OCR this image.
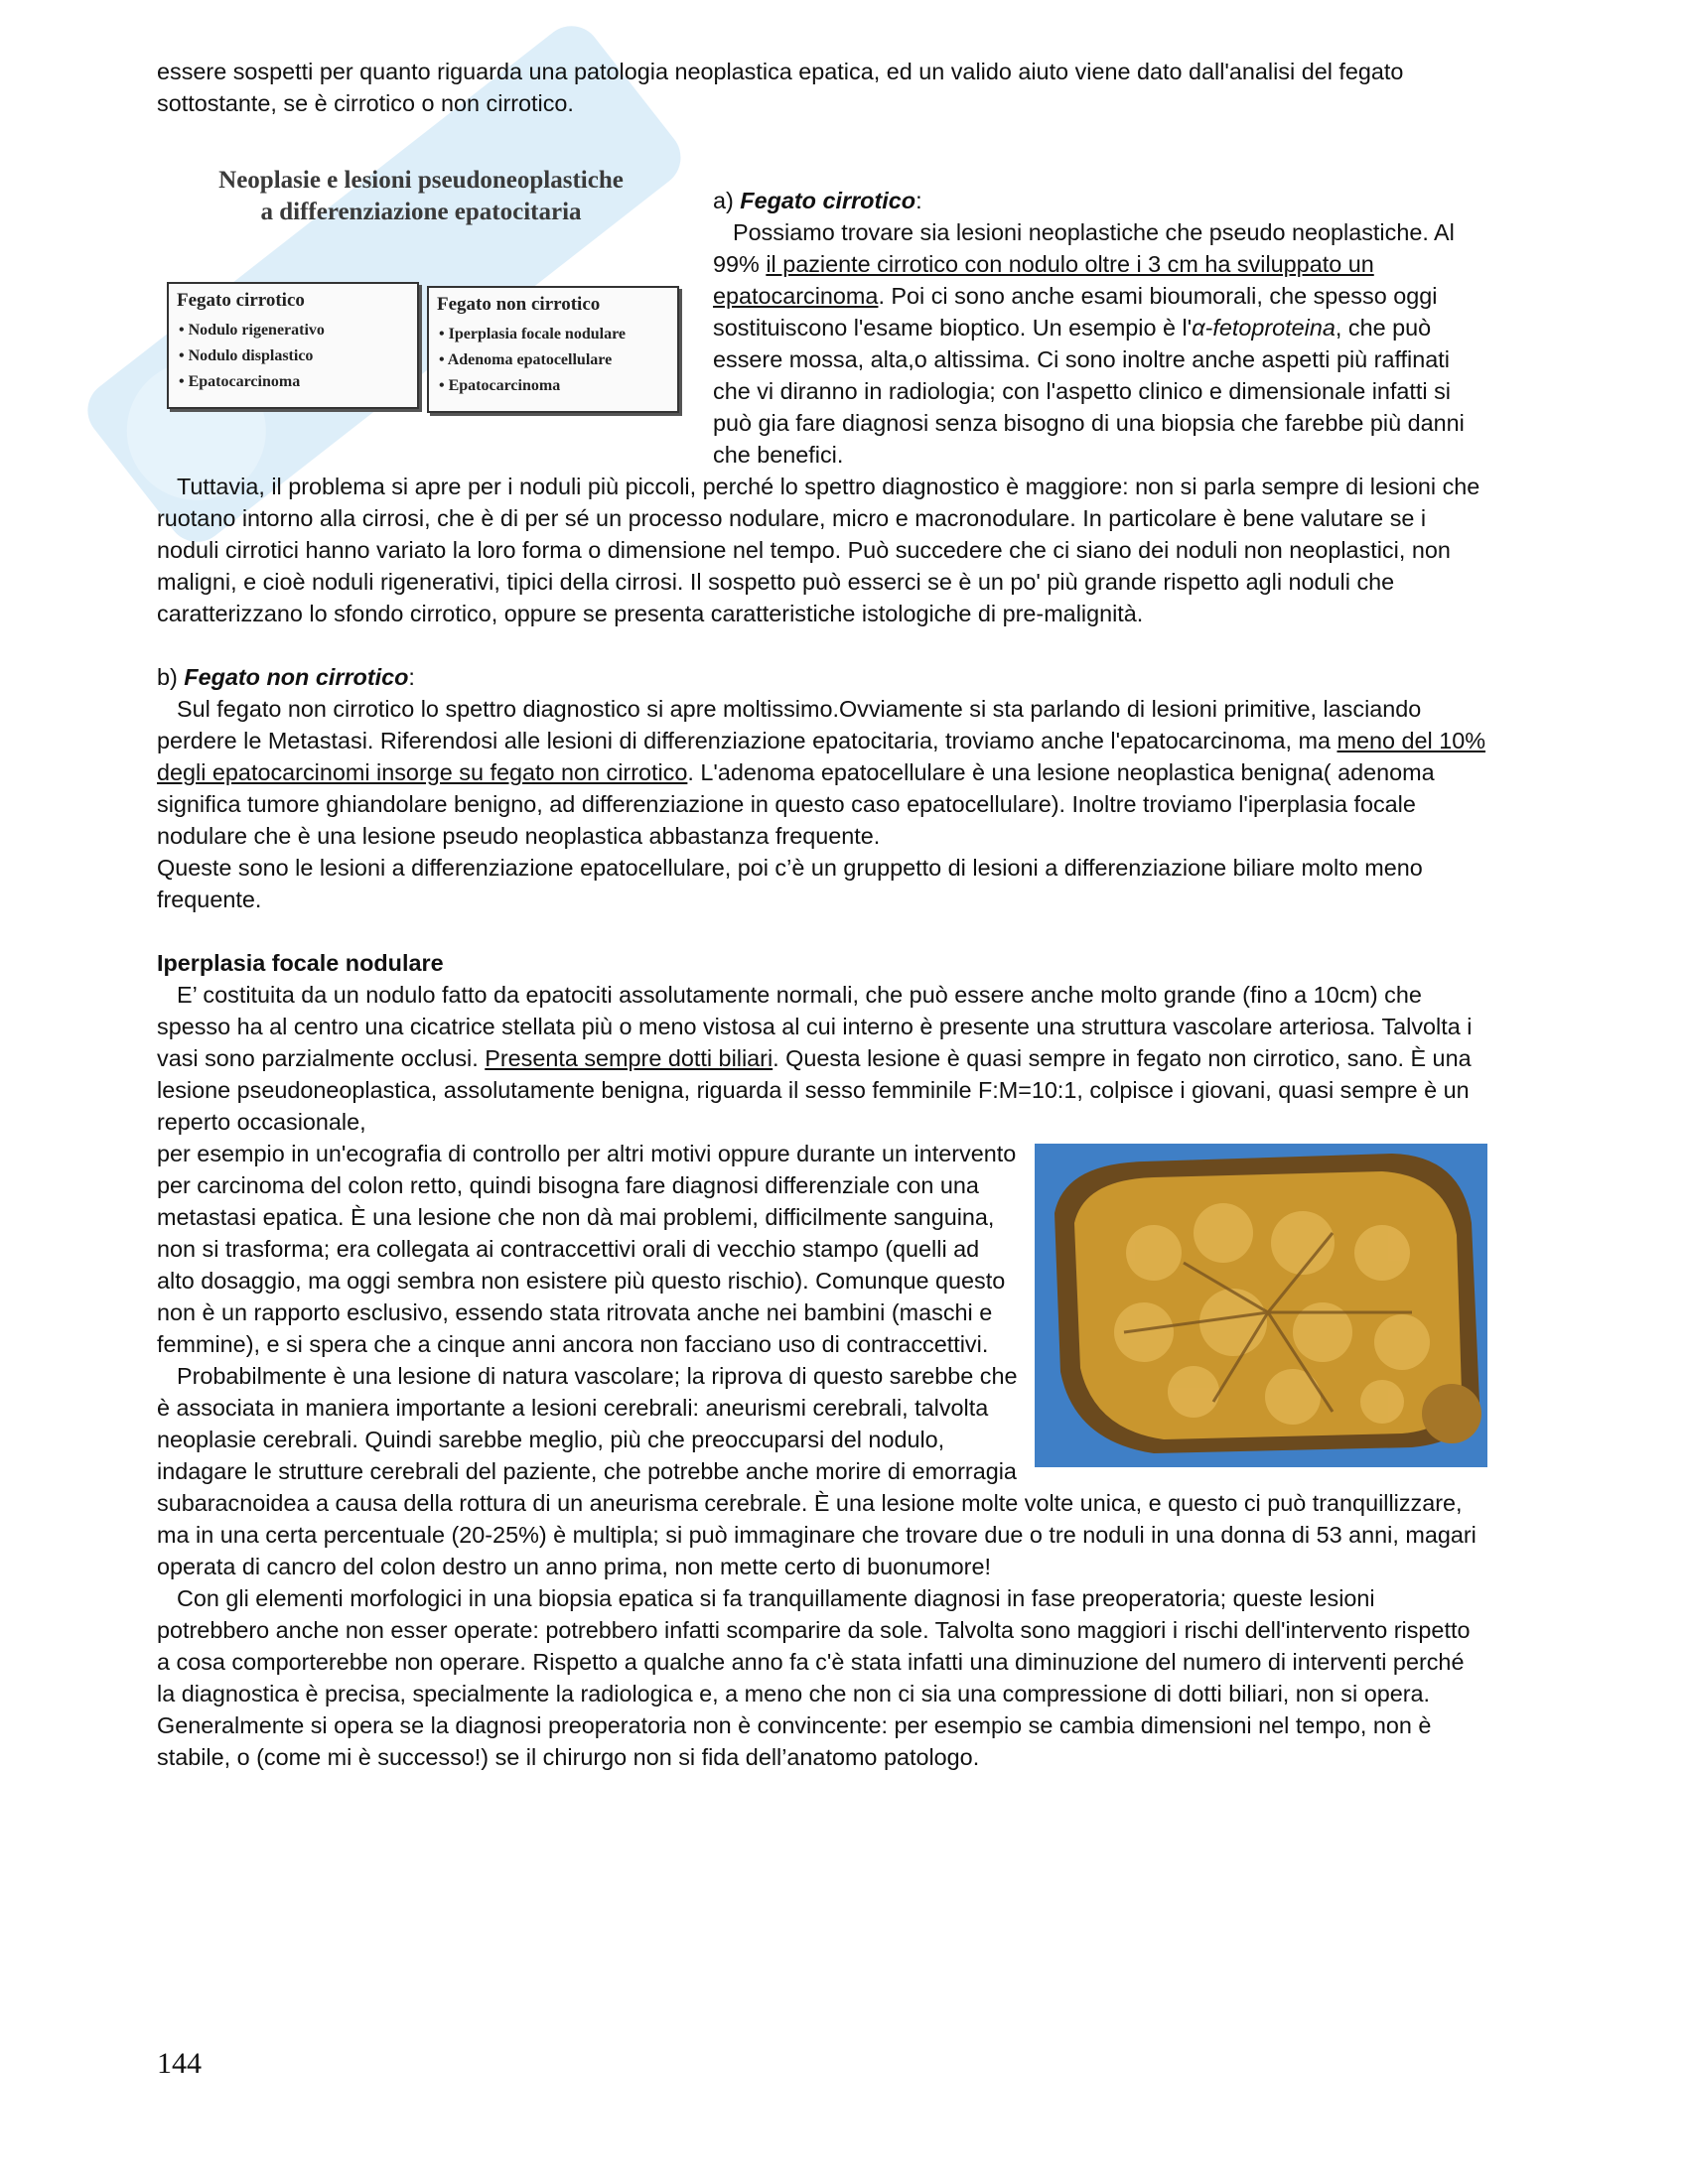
essere sospetti per quanto riguarda una patologia neoplastica epatica, ed un valido aiuto viene dato dall'analisi del fegato sottostante, se è cirrotico o non cirrotico.

Neoplasie e lesioni pseudoneoplastiche
a differenziazione epatocitaria
Fegato cirrotico
• Nodulo rigenerativo
• Nodulo displastico
• Epatocarcinoma
Fegato non cirrotico
• Iperplasia focale nodulare
• Adenoma epatocellulare
• Epatocarcinoma

a) Fegato cirrotico:

Possiamo trovare sia lesioni neoplastiche che pseudo neoplastiche. Al 99% il paziente cirrotico con nodulo oltre i 3 cm ha sviluppato un epatocarcinoma. Poi ci sono anche esami bioumorali, che spesso oggi sostituiscono l'esame bioptico. Un esempio è l'α-fetoproteina, che può essere mossa, alta,o altissima. Ci sono inoltre anche aspetti più raffinati che vi diranno in radiologia; con l'aspetto clinico e dimensionale infatti si può gia fare diagnosi senza bisogno di una biopsia che farebbe più danni che benefici.

Tuttavia, il problema si apre per i noduli più piccoli, perché lo spettro diagnostico è maggiore: non si parla sempre di lesioni che ruotano intorno alla cirrosi, che è di per sé un processo nodulare, micro e macronodulare. In particolare è bene valutare se i noduli cirrotici hanno variato la loro forma o dimensione nel tempo. Può succedere che ci siano dei noduli non neoplastici, non maligni, e cioè noduli rigenerativi, tipici della cirrosi. Il sospetto può esserci se è un po' più grande rispetto agli noduli che caratterizzano lo sfondo cirrotico, oppure se presenta caratteristiche istologiche di pre-malignità.

b) Fegato non cirrotico:

Sul fegato non cirrotico lo spettro diagnostico si apre moltissimo.Ovviamente si sta parlando di lesioni primitive, lasciando perdere le Metastasi. Riferendosi alle lesioni di differenziazione epatocitaria, troviamo anche l'epatocarcinoma, ma meno del 10% degli epatocarcinomi insorge su fegato non cirrotico. L'adenoma epatocellulare è una lesione neoplastica benigna( adenoma significa tumore ghiandolare benigno, ad differenziazione in questo caso epatocellulare). Inoltre troviamo l'iperplasia focale nodulare che è una lesione pseudo neoplastica abbastanza frequente.

Queste sono le lesioni a differenziazione epatocellulare, poi c’è un gruppetto di lesioni a differenziazione biliare molto meno frequente.

Iperplasia focale nodulare

E’ costituita da un nodulo fatto da epatociti assolutamente normali, che può essere anche molto grande (fino a 10cm) che spesso ha al centro una cicatrice stellata più o meno vistosa al cui interno è presente una struttura vascolare arteriosa. Talvolta i vasi sono parzialmente occlusi. Presenta sempre dotti biliari. Questa lesione è quasi sempre in fegato non cirrotico, sano. È una lesione pseudoneoplastica, assolutamente benigna, riguarda il sesso femminile F:M=10:1, colpisce i giovani, quasi sempre è un reperto occasionale,

per esempio in un'ecografia di controllo per altri motivi oppure durante un intervento per carcinoma del colon retto, quindi bisogna fare diagnosi differenziale con una metastasi epatica. È una lesione che non dà mai problemi, difficilmente sanguina, non si trasforma; era collegata ai contraccettivi orali di vecchio stampo (quelli ad alto dosaggio, ma oggi sembra non esistere più questo rischio). Comunque questo non è un rapporto esclusivo, essendo stata ritrovata anche nei bambini (maschi e femmine), e si spera che a cinque anni ancora non facciano uso di contraccettivi.

Probabilmente è una lesione di natura vascolare; la riprova di questo sarebbe che è associata in maniera importante a lesioni cerebrali: aneurismi cerebrali, talvolta neoplasie cerebrali. Quindi sarebbe meglio, più che preoccuparsi del nodulo, indagare le strutture cerebrali del paziente, che potrebbe anche morire di emorragia subaracnoidea a causa della rottura di un aneurisma cerebrale. È una lesione molte volte unica, e questo ci può tranquillizzare, ma in una certa percentuale (20-25%) è multipla; si può immaginare che trovare due o tre noduli in una donna di 53 anni, magari operata di cancro del colon destro un anno prima, non mette certo di buonumore!

Con gli elementi morfologici in una biopsia epatica si fa tranquillamente diagnosi in fase preoperatoria; queste lesioni potrebbero anche non esser operate: potrebbero infatti scomparire da sole. Talvolta sono maggiori i rischi dell'intervento rispetto a cosa comporterebbe non operare. Rispetto a qualche anno fa c'è stata infatti una diminuzione del numero di interventi perché la diagnostica è precisa, specialmente la radiologica e, a meno che non ci sia una compressione di dotti biliari, non si opera. Generalmente si opera se la diagnosi preoperatoria non è convincente: per esempio se cambia dimensioni nel tempo, non è stabile, o (come mi è successo!) se il chirurgo non si fida dell’anatomo patologo.

144
